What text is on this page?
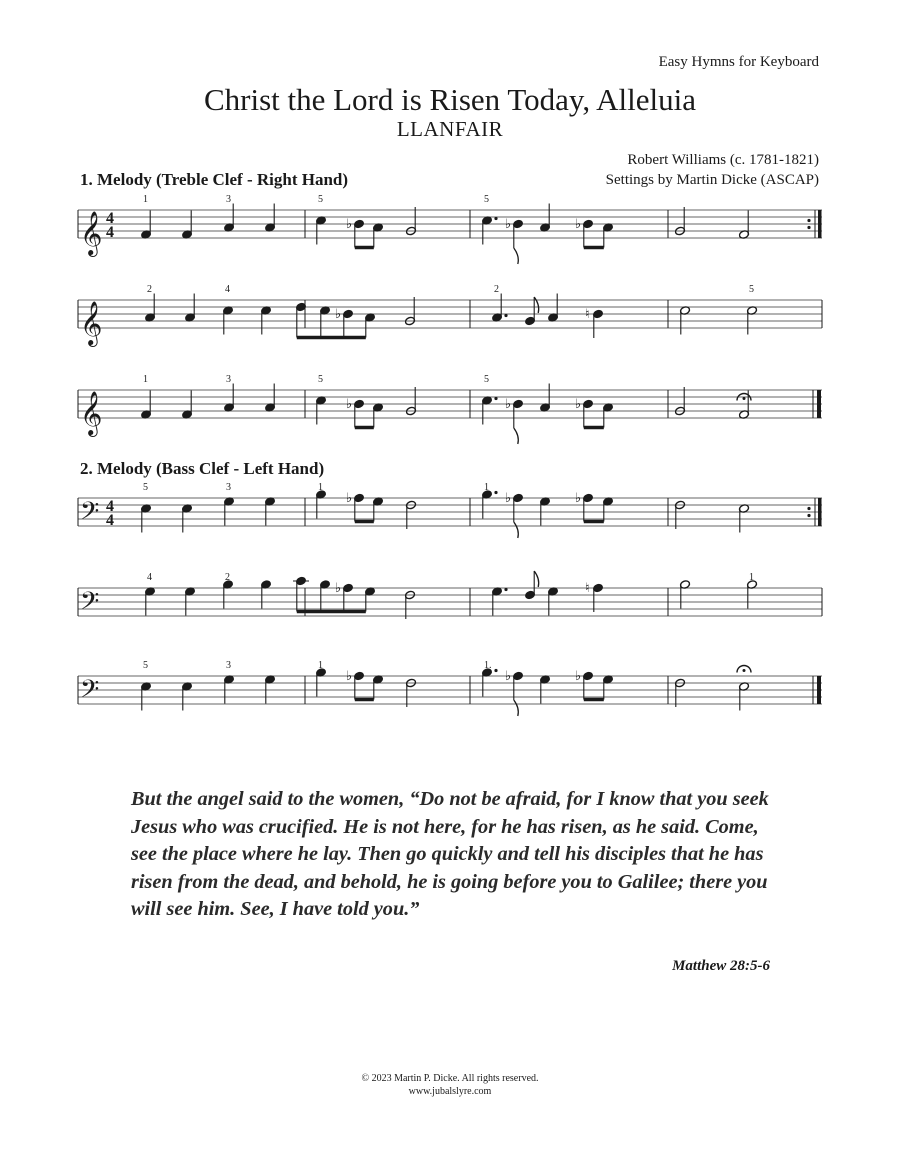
Easy Hymns for Keyboard
Christ the Lord is Risen Today, Alleluia
LLANFAIR
Robert Williams (c. 1781-1821)
Settings by Martin Dicke (ASCAP)
1. Melody (Treble Clef - Right Hand)
2. Melody (Bass Clef - Left Hand)
𝄞 4
4
1	3	5
♭
5
♭	♭
𝄞
2	4
♭
2
♮
5
𝄞
1	3	5
♭
5
♭	♭
𝄢 4
4
5	3	1
♭
1
♭	♭
𝄢
4	2
♭	♮
1
𝄢
5	3	1
♭
1.
♭	♭
But the angel said to the women, “Do not be afraid, for I know that you seek Jesus who was crucified. He is not here, for he has risen, as he said. Come, see the place where he lay. Then go quickly and tell his disciples that he has risen from the dead, and behold, he is going before you to Galilee; there you will see him. See, I have told you.”
Matthew 28:5-6
© 2023 Martin P. Dicke. All rights reserved.
www.jubalslyre.com
